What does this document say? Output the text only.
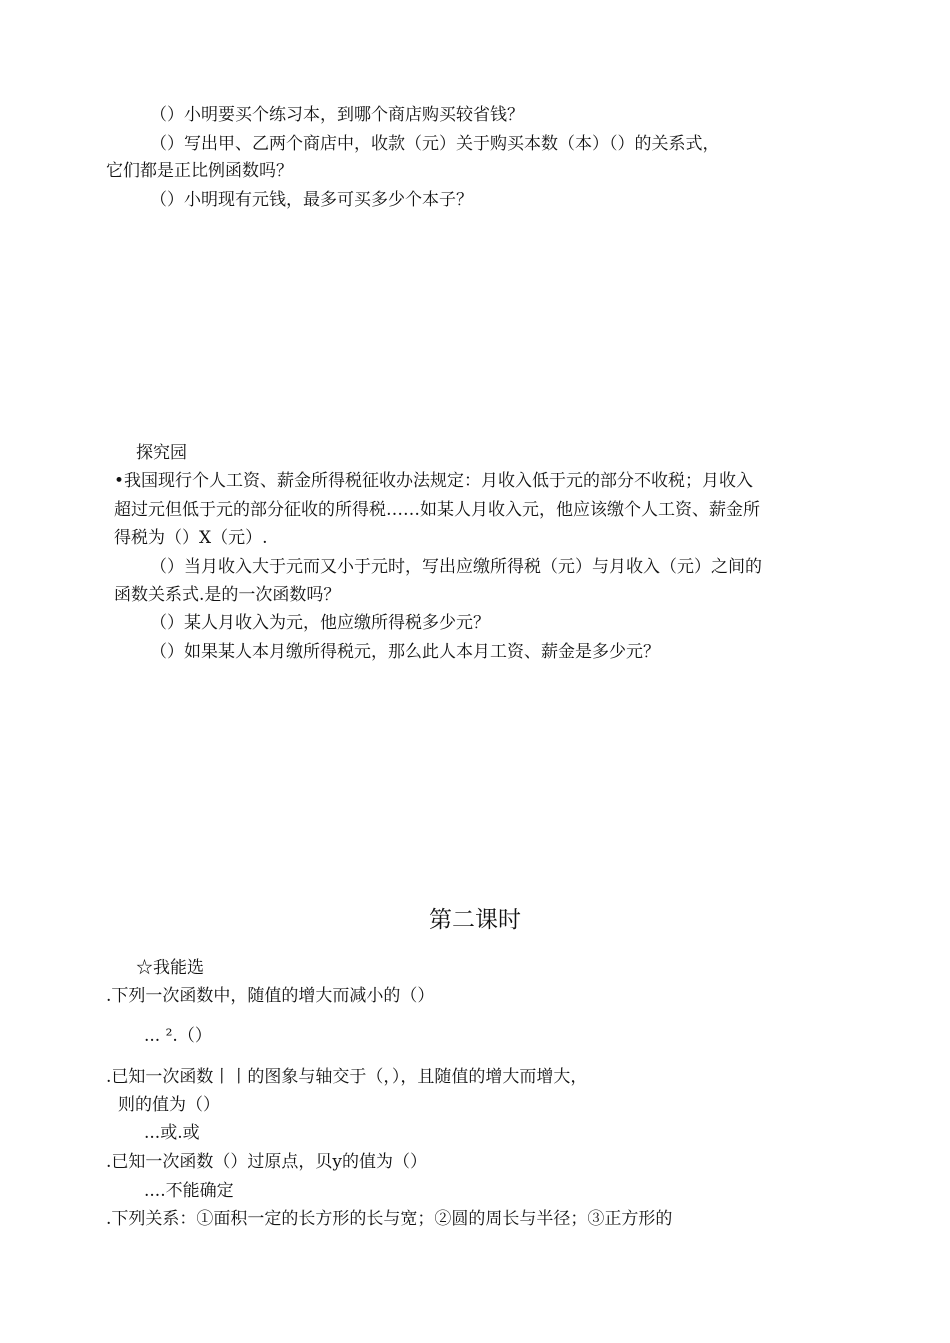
（）小明要买个练习本，到哪个商店购买较省钱？
（）写出甲、乙两个商店中，收款（元）关于购买本数（本）（）的关系式，
它们都是正比例函数吗？
（）小明现有元钱，最多可买多少个本子？
探究园
•我国现行个人工资、薪金所得税征收办法规定：月收入低于元的部分不收税；月收入
超过元但低于元的部分征收的所得税……如某人月收入元，他应该缴个人工资、薪金所
得税为（）X（元）.
（）当月收入大于元而又小于元时，写出应缴所得税（元）与月收入（元）之间的
函数关系式.是的一次函数吗？
（）某人月收入为元，他应缴所得税多少元？
（）如果某人本月缴所得税元，那么此人本月工资、薪金是多少元？
第二课时
☆我能选
.下列一次函数中，随值的增大而减小的（）
... ².（）
.已知一次函数丨丨的图象与轴交于（，），且随值的增大而增大，
则的值为（）
...或.或
.已知一次函数（）过原点，贝y的值为（）
....不能确定
.下列关系：①面积一定的长方形的长与宽；②圆的周长与半径；③正方形的
